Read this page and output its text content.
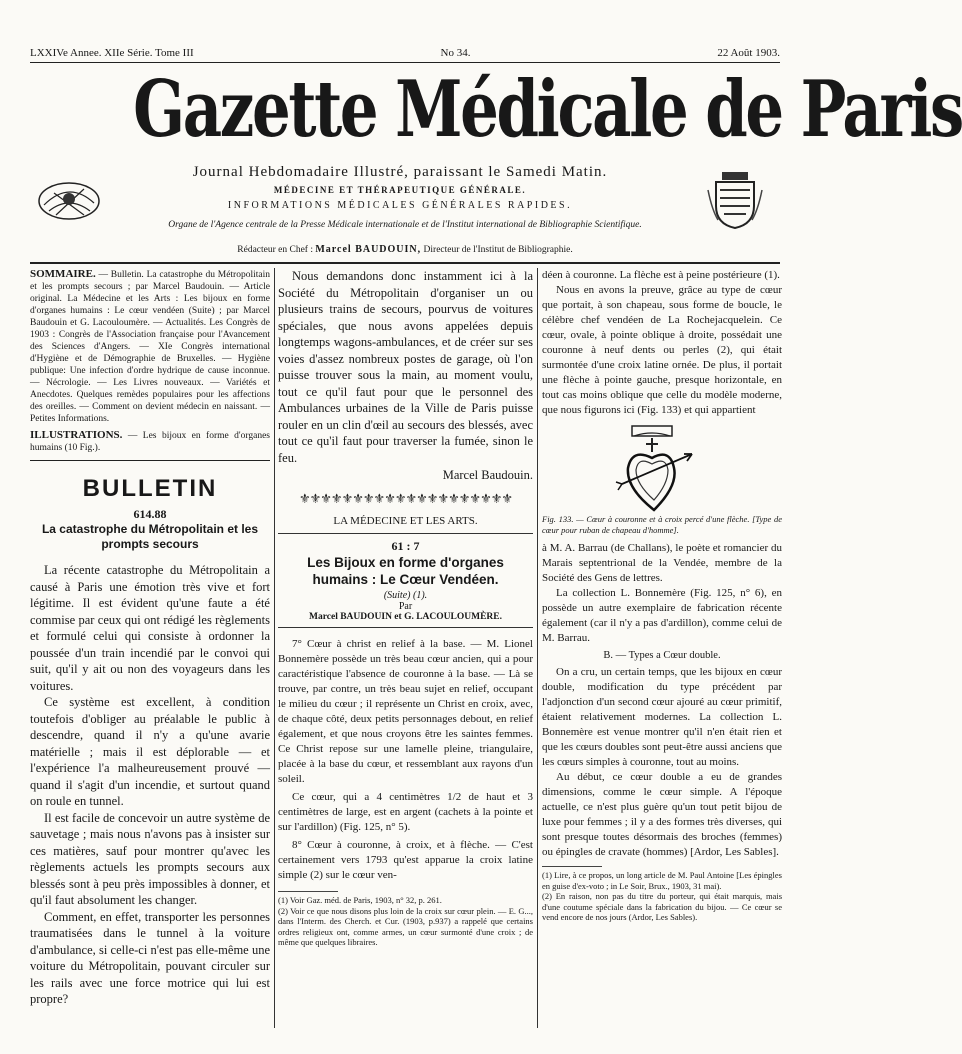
LXXIVe Annee. XIIe Série. Tome III	No 34.	22 Août 1903.
Gazette Médicale de Paris
Journal Hebdomadaire Illustré, paraissant le Samedi Matin.
MÉDECINE ET THÉRAPEUTIQUE GÉNÉRALE.
INFORMATIONS MÉDICALES GÉNÉRALES RAPIDES.
Organe de l'Agence centrale de la Presse Médicale internationale et de l'Institut international de Bibliographie Scientifique.
Rédacteur en Chef : Marcel BAUDOUIN, Directeur de l'Institut de Bibliographie.

SOMMAIRE. — Bulletin. La catastrophe du Métropolitain et les prompts secours ; par Marcel Baudouin. — Article original. La Médecine et les Arts : Les bijoux en forme d'organes humains : Le cœur vendéen (Suite) ; par Marcel Baudouin et G. Lacouloumère. — Actualités. Les Congrès de 1903 : Congrès de l'Association française pour l'Avancement des Sciences d'Angers. — XIe Congrès international d'Hygiène et de Démographie de Bruxelles. — Hygiène publique: Une infection d'ordre hydrique de cause inconnue. — Nécrologie. — Les Livres nouveaux. — Variétés et Anecdotes. Quelques remèdes populaires pour les affections des oreilles. — Comment on devient médecin en naissant. — Petites Informations.

ILLUSTRATIONS. — Les bijoux en forme d'organes humains (10 Fig.).

BULLETIN
614.88
La catastrophe du Métropolitain et les prompts secours

La récente catastrophe du Métropolitain a causé à Paris une émotion très vive et fort légitime. Il est évident qu'une faute a été commise par ceux qui ont rédigé les règlements et formulé celui qui consiste à ordonner la poussée d'un train incendié par le convoi qui suit, qu'il y ait ou non des voyageurs dans les voitures.

Ce système est excellent, à condition toutefois d'obliger au préalable le public à descendre, quand il n'y a qu'une avarie matérielle ; mais il est déplorable — et l'expérience l'a malheureusement prouvé — quand il s'agit d'un incendie, et surtout quand on roule en tunnel.

Il est facile de concevoir un autre système de sauvetage ; mais nous n'avons pas à insister sur ces matières, sauf pour montrer qu'avec les règlements actuels les prompts secours aux blessés sont à peu près impossibles à donner, et qu'il faut absolument les changer.

Comment, en effet, transporter les personnes traumatisées dans le tunnel à la voiture d'ambulance, si celle-ci n'est pas elle-même une voiture du Métropolitain, pouvant circuler sur les rails avec une force motrice qui lui est propre?

Nous demandons donc instamment ici à la Société du Métropolitain d'organiser un ou plusieurs trains de secours, pourvus de voitures spéciales, que nous avons appelées depuis longtemps wagons-ambulances, et de créer sur ses voies d'assez nombreux postes de garage, où l'on puisse trouver sous la main, au moment voulu, tout ce qu'il faut pour que le personnel des Ambulances urbaines de la Ville de Paris puisse rouler en un clin d'œil au secours des blessés, avec tout ce qu'il faut pour traverser la fumée, sinon le feu.

Marcel Baudouin.
⚜⚜⚜⚜⚜⚜⚜⚜⚜⚜⚜⚜⚜⚜⚜⚜⚜⚜⚜⚜
LA MÉDECINE ET LES ARTS.
61 : 7
Les Bijoux en forme d'organes humains : Le Cœur Vendéen.
(Suite) (1).
Par
Marcel BAUDOUIN et G. LACOULOUMÈRE.

7° Cœur à christ en relief à la base. — M. Lionel Bonnemère possède un très beau cœur ancien, qui a pour caractéristique l'absence de couronne à la base. — Là se trouve, par contre, un très beau sujet en relief, occupant le milieu du cœur ; il représente un Christ en croix, avec, de chaque côté, deux petits personnages debout, en relief également, et que nous croyons être les saintes femmes. Ce Christ repose sur une lamelle pleine, triangulaire, placée à la base du cœur, et ressemblant aux rayons d'un soleil.

Ce cœur, qui a 4 centimètres 1/2 de haut et 3 centimètres de large, est en argent (cachets à la pointe et sur l'ardillon) (Fig. 125, n° 5).

8° Cœur à couronne, à croix, et à flèche. — C'est certainement vers 1793 qu'est apparue la croix latine simple (2) sur le cœur ven-

(1) Voir Gaz. méd. de Paris, 1903, n° 32, p. 261.

(2) Voir ce que nous disons plus loin de la croix sur cœur plein. — E. G..., dans l'Interm. des Cherch. et Cur. (1903, p.937) a rappelé que certains ordres religieux ont, comme armes, un cœur surmonté d'une croix ; de même que quelques libraires.

déen à couronne. La flèche est à peine postérieure (1).

Nous en avons la preuve, grâce au type de cœur que portait, à son chapeau, sous forme de boucle, le célèbre chef vendéen de La Rochejacquelein. Ce cœur, ovale, à pointe oblique à droite, possédait une couronne à neuf dents ou perles (2), qui était surmontée d'une croix latine ornée. De plus, il portait une flèche à pointe gauche, presque horizontale, en tout cas moins oblique que celle du modèle moderne, que nous figurons ici (Fig. 133) et qui appartient

Fig. 133. — Cœur à couronne et à croix percé d'une flèche. [Type de cœur pour ruban de chapeau d'homme].

à M. A. Barrau (de Challans), le poète et romancier du Marais septentrional de la Vendée, membre de la Société des Gens de lettres.

La collection L. Bonnemère (Fig. 125, n° 6), en possède un autre exemplaire de fabrication récente également (car il n'y a pas d'ardillon), comme celui de M. Barrau.

B. — Types a Cœur double.

On a cru, un certain temps, que les bijoux en cœur double, modification du type précédent par l'adjonction d'un second cœur ajouré au cœur primitif, étaient relativement modernes. La collection L. Bonnemère est venue montrer qu'il n'en était rien et que les cœurs doubles sont peut-être aussi anciens que les cœurs simples à couronne, tout au moins.

Au début, ce cœur double a eu de grandes dimensions, comme le cœur simple. A l'époque actuelle, ce n'est plus guère qu'un tout petit bijou de luxe pour femmes ; il y a des formes très diverses, qui sont presque toutes désormais des broches (femmes) ou épingles de cravate (hommes) [Ardor, Les Sables].

(1) Lire, à ce propos, un long article de M. Paul Antoine [Les épingles en guise d'ex-voto ; in Le Soir, Brux., 1903, 31 mai).

(2) En raison, non pas du titre du porteur, qui était marquis, mais d'une coutume spéciale dans la fabrication du bijou. — Ce cœur se vend encore de nos jours (Ardor, Les Sables).
